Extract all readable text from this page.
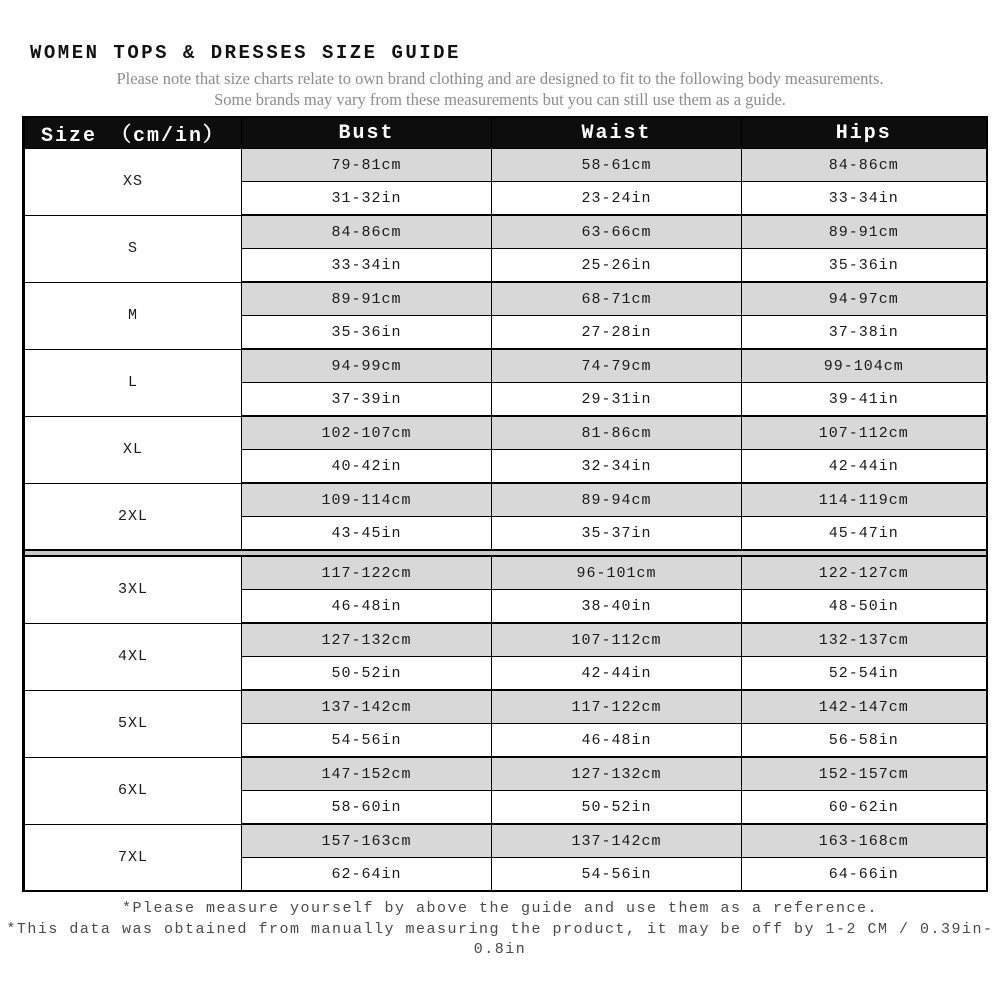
WOMEN TOPS & DRESSES SIZE GUIDE
Please note that size charts relate to own brand clothing and are designed to fit to the following body measurements.
Some brands may vary from these measurements but you can still use them as a guide.
Size （cm/in）	Bust	Waist	Hips
XS	79-81cm	58-61cm	84-86cm
	31-32in	23-24in	33-34in
S	84-86cm	63-66cm	89-91cm
	33-34in	25-26in	35-36in
M	89-91cm	68-71cm	94-97cm
	35-36in	27-28in	37-38in
L	94-99cm	74-79cm	99-104cm
	37-39in	29-31in	39-41in
XL	102-107cm	81-86cm	107-112cm
	40-42in	32-34in	42-44in
2XL	109-114cm	89-94cm	114-119cm
	43-45in	35-37in	45-47in

3XL	117-122cm	96-101cm	122-127cm
	46-48in	38-40in	48-50in
4XL	127-132cm	107-112cm	132-137cm
	50-52in	42-44in	52-54in
5XL	137-142cm	117-122cm	142-147cm
	54-56in	46-48in	56-58in
6XL	147-152cm	127-132cm	152-157cm
	58-60in	50-52in	60-62in
7XL	157-163cm	137-142cm	163-168cm
	62-64in	54-56in	64-66in
*Please measure yourself by above the guide and use them as a reference.
*This data was obtained from manually measuring the product, it may be off by 1-2 CM / 0.39in-0.8in
